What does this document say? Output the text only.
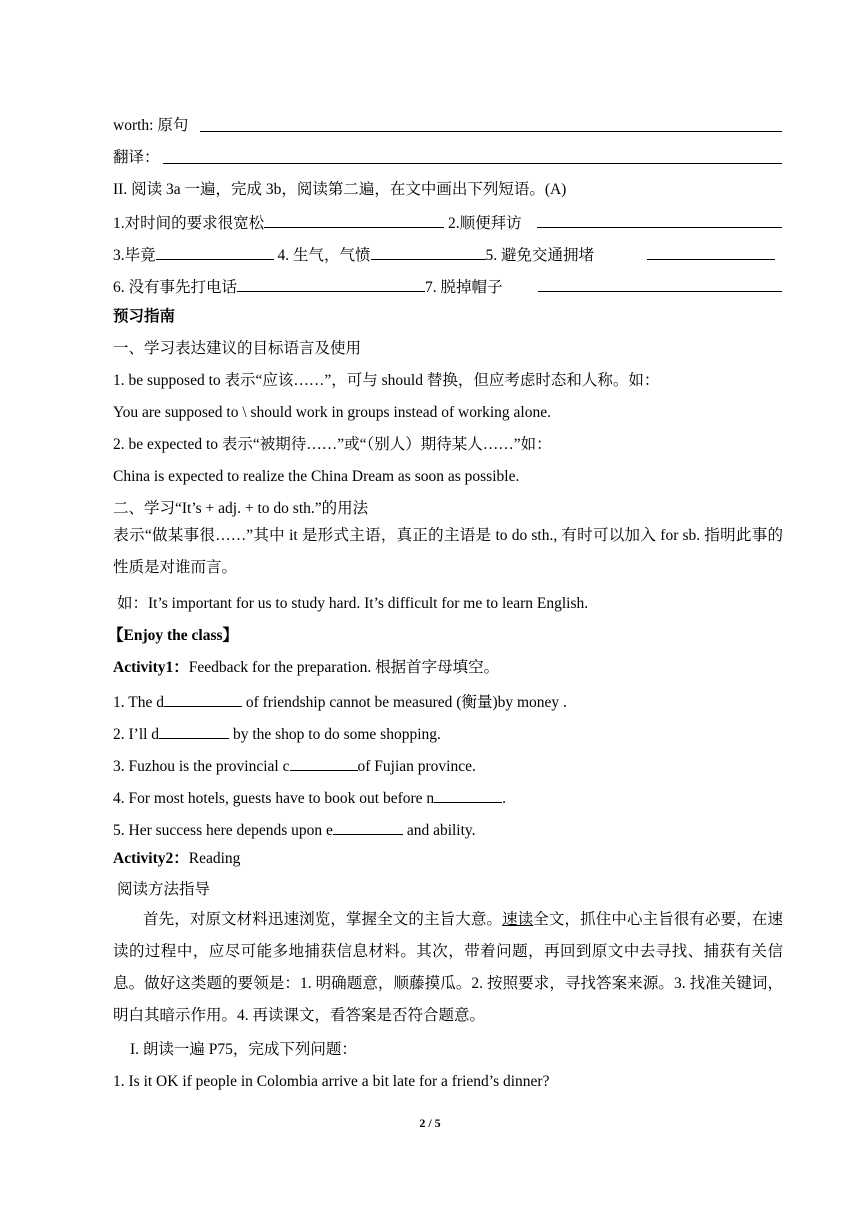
worth: 原句
翻译：
II. 阅读 3a 一遍，完成 3b，阅读第二遍，在文中画出下列短语。(A)
1.对时间的要求很宽松	2.顺便拜访
3.毕竟	4. 生气，气愤	5. 避免交通拥堵
6. 没有事先打电话	7. 脱掉帽子
预习指南
一、学习表达建议的目标语言及使用
1. be supposed to 表示“应该……”，可与 should 替换，但应考虑时态和人称。如：
You are supposed to \ should work in groups instead of working alone.
2. be expected to 表示“被期待……”或“（别人）期待某人……”如：
China is expected to realize the China Dream as soon as possible.
二、学习“It’s + adj. + to do sth.”的用法
表示“做某事很……”其中 it 是形式主语，真正的主语是 to do sth., 有时可以加入 for sb. 指明此事的性质是对谁而言。
如：It’s important for us to study hard. It’s difficult for me to learn English.
【Enjoy the class】
Activity1：Feedback for the preparation. 根据首字母填空。
1. The d	of friendship cannot be measured (衡量)by money .
2. I’ll d	by the shop to do some shopping.
3. Fuzhou is the provincial c	of Fujian province.
4. For most hotels, guests have to book out before n	.
5. Her success here depends upon e	and ability.
Activity2：Reading
阅读方法指导
首先，对原文材料迅速浏览，掌握全文的主旨大意。速读全文，抓住中心主旨很有必要，在速读的过程中，应尽可能多地捕获信息材料。其次，带着问题，再回到原文中去寻找、捕获有关信息。做好这类题的要领是：1. 明确题意，顺藤摸瓜。2. 按照要求，寻找答案来源。3. 找准关键词，明白其暗示作用。4. 再读课文，看答案是否符合题意。
I. 朗读一遍 P75，完成下列问题：
1. Is it OK if people in Colombia arrive a bit late for a friend’s dinner?
2 / 5
